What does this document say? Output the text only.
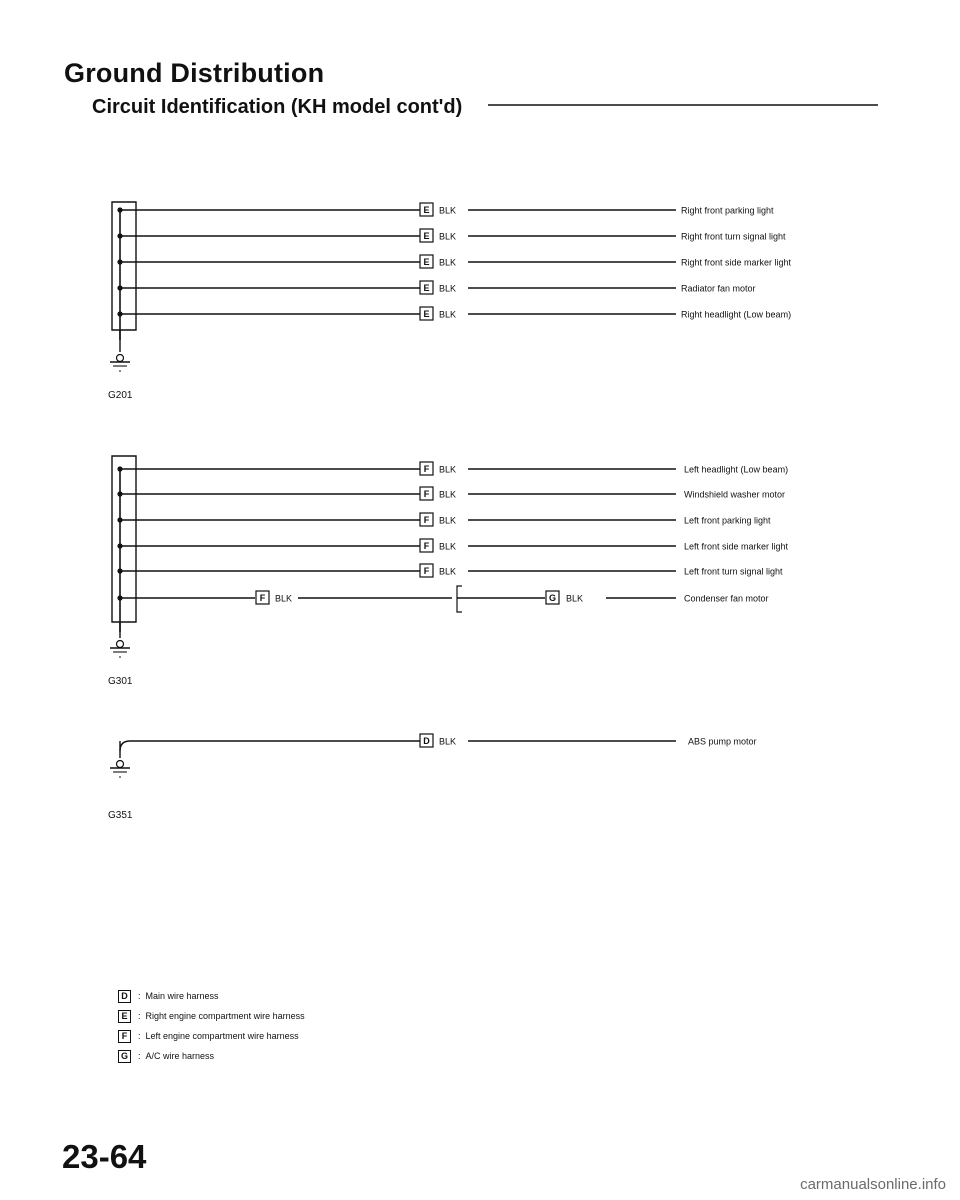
Ground Distribution
Circuit Identification (KH model cont'd)
G201
E BLK	Right front parking light
E BLK	Right front turn signal light
E BLK	Right front side marker light
E BLK	Radiator fan motor
E BLK	Right headlight (Low beam)
G301
F BLK	Left headlight (Low beam)
F BLK	Windshield washer motor
F BLK	Left front parking light
F BLK	Left front side marker light
F BLK	Left front turn signal light
F BLK	G BLK	Condenser fan motor
G351
D BLK	ABS pump motor
D	: Main wire harness
E	: Right engine compartment wire harness
F	: Left engine compartment wire harness
G	: A/C wire harness
23-64
carmanualsonline.info
